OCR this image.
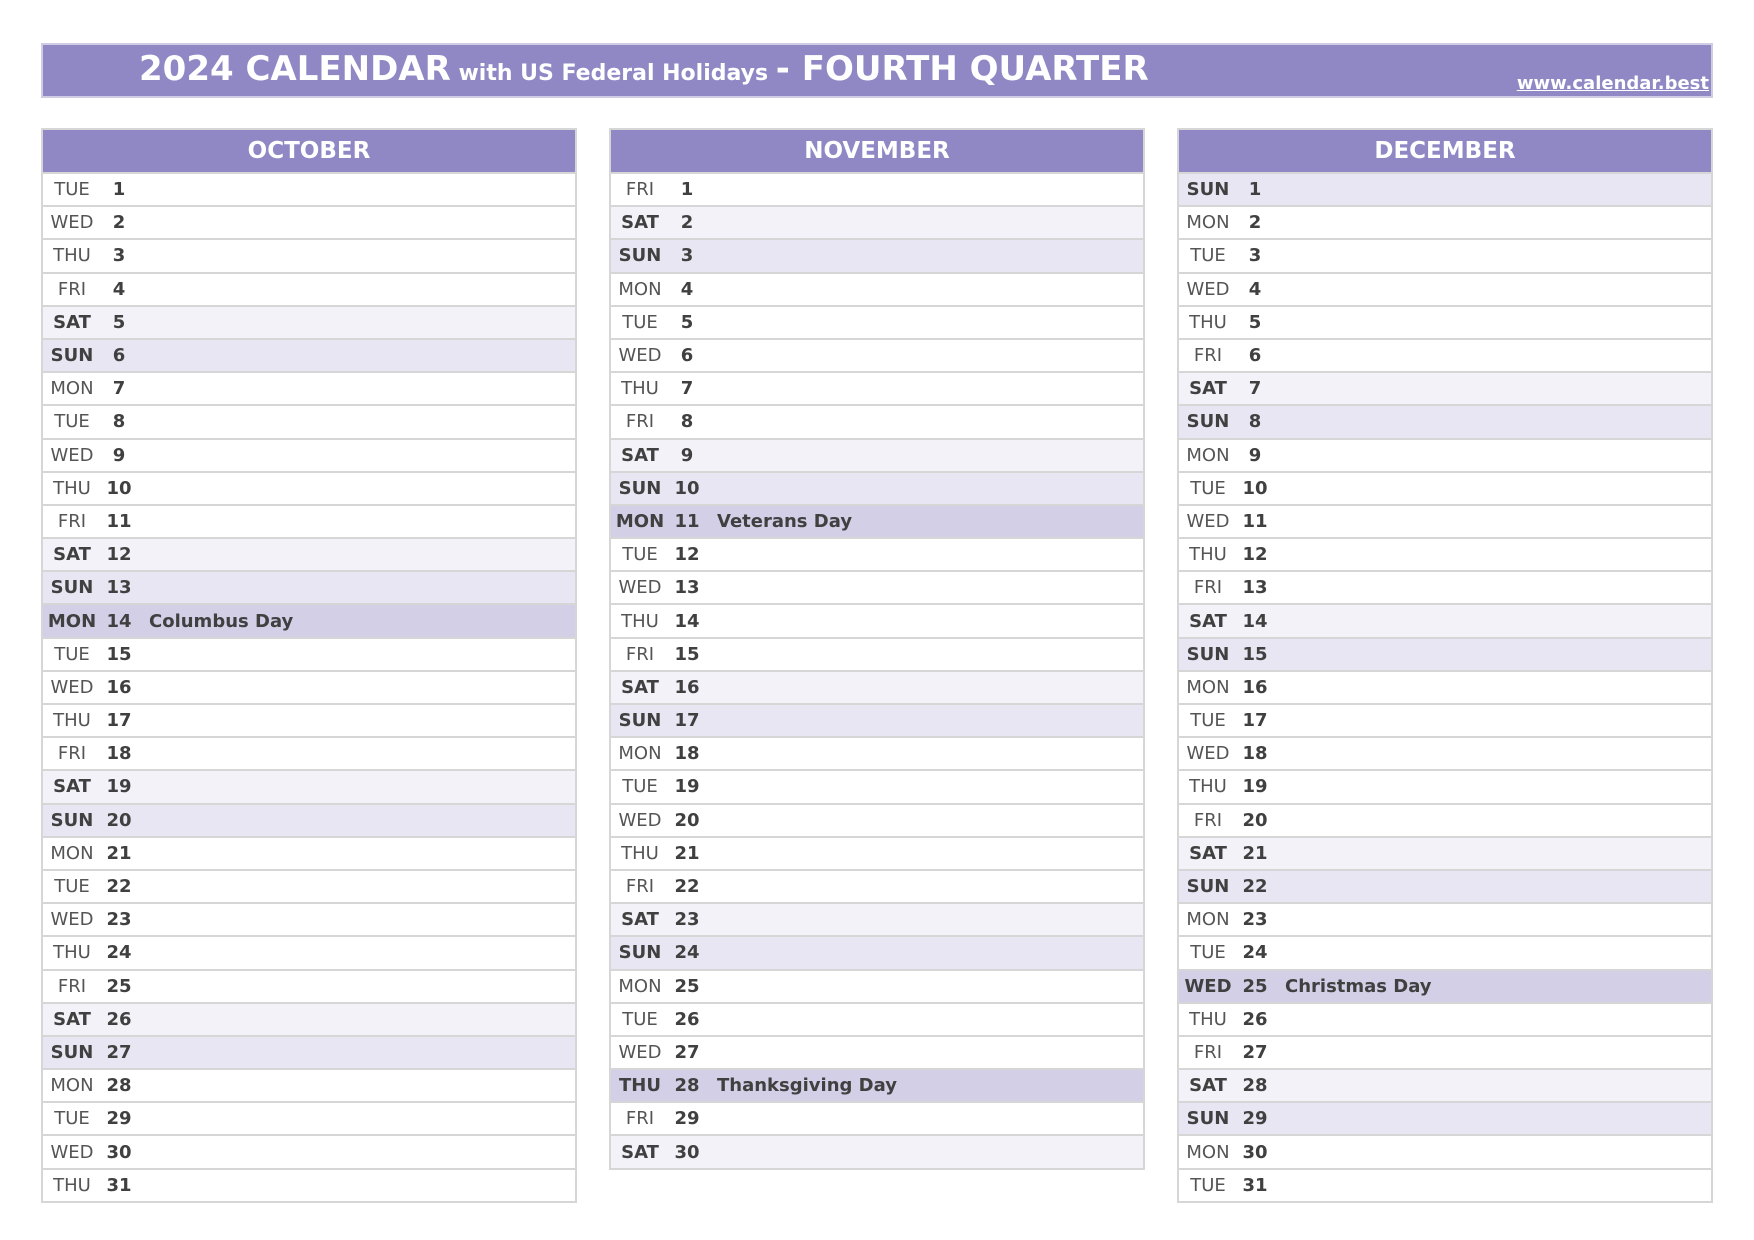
2024 CALENDAR with US Federal Holidays - FOURTH QUARTER	www.calendar.best
OCTOBER
TUE	1
WED	2
THU	3
FRI	4
SAT	5
SUN	6
MON	7
TUE	8
WED	9
THU 10
FRI	11
SAT 12
SUN 13
MON 14 Columbus Day
TUE 15
WED 16
THU 17
FRI	18
SAT 19
SUN 20
MON 21
TUE 22
WED 23
THU 24
FRI	25
SAT 26
SUN 27
MON 28
TUE 29
WED 30
THU 31
NOVEMBER
FRI	1
SAT	2
SUN	3
MON	4
TUE	5
WED	6
THU	7
FRI	8
SAT	9
SUN 10
MON 11 Veterans Day
TUE 12
WED 13
THU 14
FRI	15
SAT 16
SUN 17
MON 18
TUE 19
WED 20
THU 21
FRI	22
SAT 23
SUN 24
MON 25
TUE 26
WED 27
THU 28 Thanksgiving Day
FRI	29
SAT 30
DECEMBER
SUN	1
MON	2
TUE	3
WED	4
THU	5
FRI	6
SAT	7
SUN	8
MON	9
TUE 10
WED 11
THU 12
FRI	13
SAT 14
SUN 15
MON 16
TUE 17
WED 18
THU 19
FRI	20
SAT 21
SUN 22
MON 23
TUE 24
WED 25 Christmas Day
THU 26
FRI	27
SAT 28
SUN 29
MON 30
TUE 31
